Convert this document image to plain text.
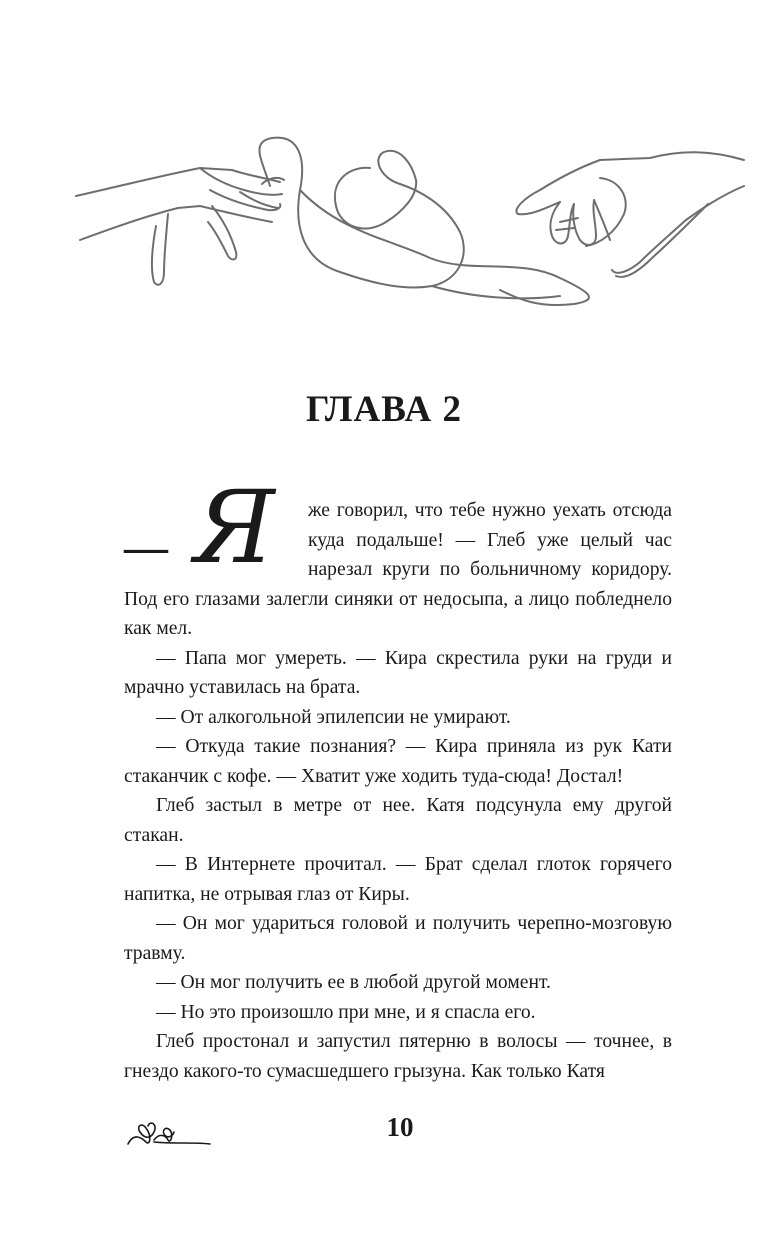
ГЛАВА 2

— Я же говорил, что тебе нужно уехать отсюда куда подальше! — Глеб уже целый час нарезал круги по больничному коридору. Под его глазами залегли синяки от недосыпа, а лицо побледнело как мел.

— Папа мог умереть. — Кира скрестила руки на груди и мрачно уставилась на брата.

— От алкогольной эпилепсии не умирают.

— Откуда такие познания? — Кира приняла из рук Кати стаканчик с кофе. — Хватит уже ходить туда-сюда! Достал!

Глеб застыл в метре от нее. Катя подсунула ему другой стакан.

— В Интернете прочитал. — Брат сделал глоток горячего напитка, не отрывая глаз от Киры.

— Он мог удариться головой и получить черепно-мозговую травму.

— Он мог получить ее в любой другой момент.

— Но это произошло при мне, и я спасла его.

Глеб простонал и запустил пятерню в волосы — точнее, в гнездо какого-то сумасшедшего грызуна. Как только Катя

10
